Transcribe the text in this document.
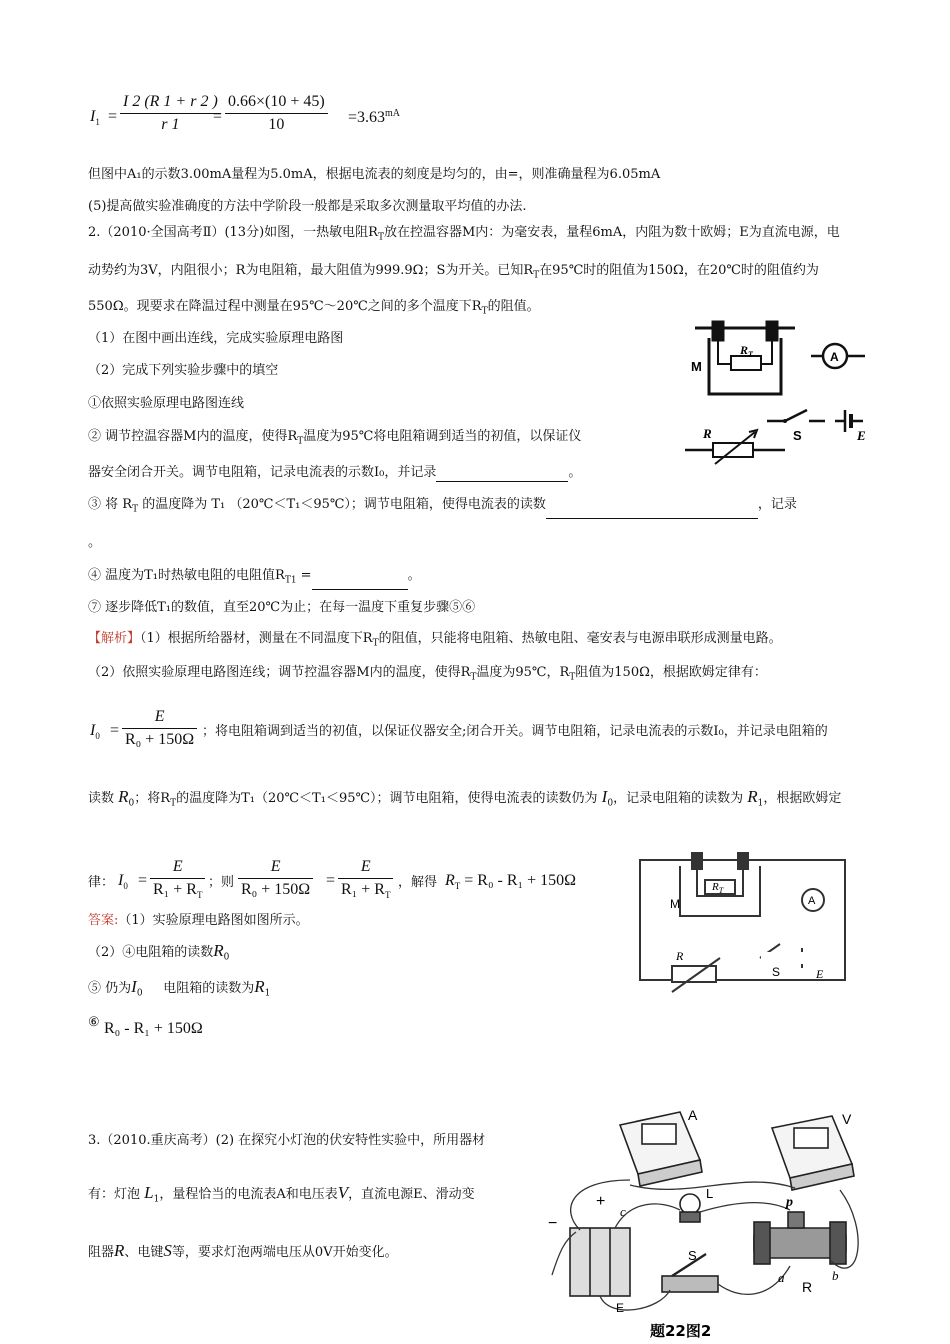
$I_1 = \frac{I 2 (R 1 + r 2 )}{r 1}$
= $\frac{0.66\times(10 + 45)}{10} =3.63^{mA}$
但图中A₁的示数3.00mA量程为5.0mA，根据电流表的刻度是均匀的，由=，则准确量程为6.05mA
(5)提高做实验准确度的方法中学阶段一般都是采取多次测量取平均值的办法.
2.（2010·全国高考Ⅱ）(13分)如图，一热敏电阻$R_T$放在控温容器M内：为毫安表，量程6mA，内阻为数十欧姆；E为直流电源，电
动势约为3V，内阻很小；R为电阻箱，最大阻值为999.9Ω；S为开关。已知$R_T$在95℃时的阻值为150Ω，在20℃时的阻值约为
550Ω。现要求在降温过程中测量在95℃～20℃之间的多个温度下$R_T$的阻值。
（1）在图中画出连线，完成实验原理电路图
（2）完成下列实验步骤中的填空
①依照实验原理电路图连线
② 调节控温容器M内的温度，使得$R_T$温度为95℃将电阻箱调到适当的初值，以保证仪
器安全闭合开关。调节电阻箱，记录电流表的示数I₀，并记录	。
③ 将 $R_T$ 的温度降为 T₁ （20℃＜T₁＜95℃）；调节电阻箱，使得电流表的读数	，记录
。
④ 温度为T₁时热敏电阻的电阻值$R_{T1}$ =	。
⑦ 逐步降低T₁的数值，直至20℃为止；在每一温度下重复步骤⑤⑥
M
$R_T$	A
S	E
R
【解析】（1）根据所给器材，测量在不同温度下$R_T$的阻值，只能将电阻箱、热敏电阻、毫安表与电源串联形成测量电路。
（2）依照实验原理电路图连线；调节控温容器M内的温度，使得$R_T$温度为95℃，$R_T$阻值为150Ω，根据欧姆定律有：
$I_0 = \frac{E}{\text{R₀ + 150Ω}}$ ；将电阻箱调到适当的初值，以保证仪器安全;闭合开关。调节电阻箱，记录电流表的示数I₀，并记录电阻箱的
读数 $R_0$；将$R_T$的温度降为T₁（20℃＜T₁＜95℃）；调节电阻箱，使得电流表的读数仍为 $I_0$，记录电阻箱的读数为 $R_1$，根据欧姆定
律： $I_0 = \frac{E}{R_1 + R_T}$ ；则 $\frac{E}{\text{R₀ + 150Ω}} = \frac{E}{R_1 + R_T}$ ，解得 $R_T = R_0 - R_1 + 150\Omega$
答案:（1）实验原理电路图如图所示。
（2）④电阻箱的读数$R_0$
⑤ 仍为$I_0$ 电阻箱的读数为$R_1$
⑥ R₀ - R₁ + 150Ω
M
$R_T$
A
S	E
R
3.（2010.重庆高考）(2) 在探究小灯泡的伏安特性实验中，所用器材
有：灯泡 $L_1$，量程恰当的电流表A和电压表V，直流电源E、滑动变
阻器R、电键S等，要求灯泡两端电压从0V开始变化。
A	V
L
S
E
R
p
a	b
c
+
−
题22图2
